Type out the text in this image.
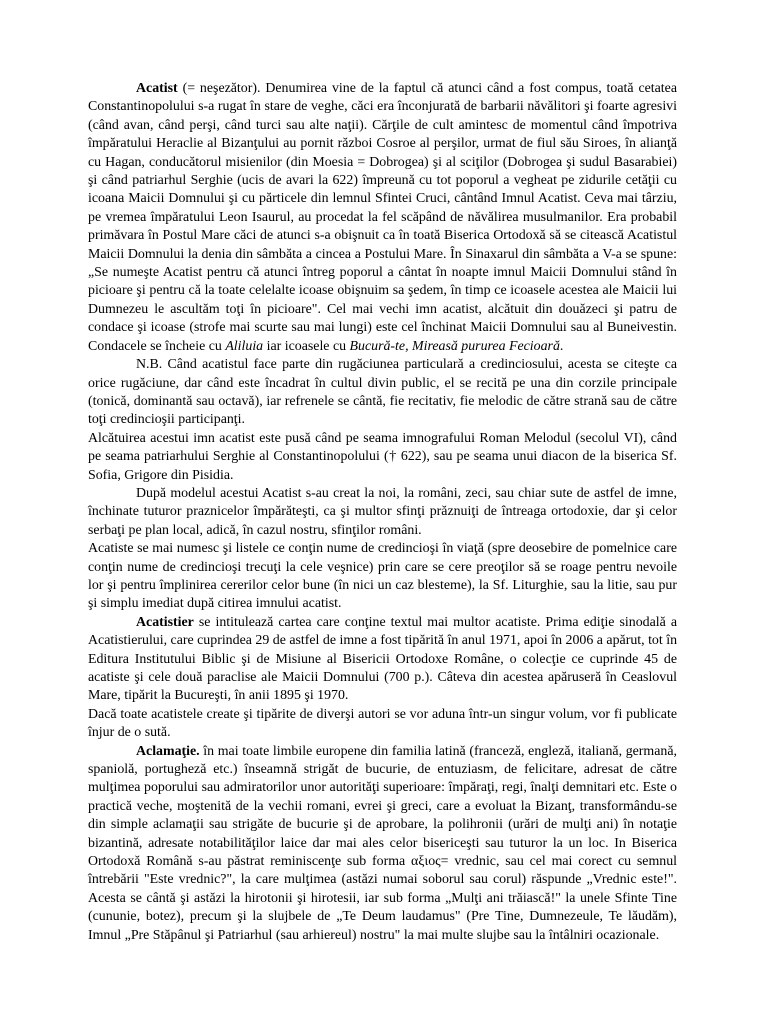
Acatist (= neşezător). Denumirea vine de la faptul că atunci când a fost compus, toată cetatea Constantinopolului s-a rugat în stare de veghe, căci era înconjurată de barbarii năvălitori şi foarte agresivi (când avan, când perşi, când turci sau alte naţii). Cărţile de cult amintesc de momentul când împotriva împăratului Heraclie al Bizanţului au pornit război Cosroe al perşilor, urmat de fiul său Siroes, în alianţă cu Hagan, conducătorul misienilor (din Moesia = Dobrogea) şi al sciţilor (Dobrogea şi sudul Basarabiei) şi când patriarhul Serghie (ucis de avari la 622) împreună cu tot poporul a vegheat pe zidurile cetăţii cu icoana Maicii Domnului şi cu părticele din lemnul Sfintei Cruci, cântând Imnul Acatist. Ceva mai târziu, pe vremea împăratului Leon Isaurul, au procedat la fel scăpând de năvălirea musulmanilor. Era probabil primăvara în Postul Mare căci de atunci s-a obişnuit ca în toată Biserica Ortodoxă să se citească Acatistul Maicii Domnului la denia din sâmbăta a cincea a Postului Mare. În Sinaxarul din sâmbăta a V-a se spune: „Se numeşte Acatist pentru că atunci întreg poporul a cântat în noapte imnul Maicii Domnului stând în picioare şi pentru că la toate celelalte icoase obişnuim sa şedem, în timp ce icoasele acestea ale Maicii lui Dumnezeu le ascultăm toţi în picioare". Cel mai vechi imn acatist, alcătuit din douăzeci şi patru de condace şi icoase (strofe mai scurte sau mai lungi) este cel închinat Maicii Domnului sau al Buneivestin. Condacele se încheie cu Aliluia iar icoasele cu Bucură-te, Mireasă pururea Fecioară.

N.B. Când acatistul face parte din rugăciunea particulară a credinciosului, acesta se citeşte ca orice rugăciune, dar când este încadrat în cultul divin public, el se recită pe una din corzile principale (tonică, dominantă sau octavă), iar refrenele se cântă, fie recitativ, fie melodic de către strană sau de către toţi credincioşii participanţi.

Alcătuirea acestui imn acatist este pusă când pe seama imnografului Roman Melodul (secolul VI), când pe seama patriarhului Serghie al Constantinopolului († 622), sau pe seama unui diacon de la biserica Sf. Sofia, Grigore din Pisidia.

După modelul acestui Acatist s-au creat la noi, la români, zeci, sau chiar sute de astfel de imne, închinate tuturor praznicelor împărăteşti, ca şi multor sfinţi prăznuiţi de întreaga ortodoxie, dar şi celor serbaţi pe plan local, adică, în cazul nostru, sfinţilor români.

Acatiste se mai numesc şi listele ce conţin nume de credincioşi în viaţă (spre deosebire de pomelnice care conţin nume de credincioşi trecuţi la cele veşnice) prin care se cere preoţilor să se roage pentru nevoile lor şi pentru împlinirea cererilor celor bune (în nici un caz blesteme), la Sf. Liturghie, sau la litie, sau pur şi simplu imediat după citirea imnului acatist.

Acatistier se intitulează cartea care conţine textul mai multor acatiste. Prima ediţie sinodală a Acatistierului, care cuprindea 29 de astfel de imne a fost tipărită în anul 1971, apoi în 2006 a apărut, tot în Editura Institutului Biblic şi de Misiune al Bisericii Ortodoxe Române, o colecţie ce cuprinde 45 de acatiste şi cele două paraclise ale Maicii Domnului (700 p.). Câteva din acestea apăruseră în Ceaslovul Mare, tipărit la Bucureşti, în anii 1895 şi 1970.

Dacă toate acatistele create şi tipărite de diverşi autori se vor aduna într-un singur volum, vor fi publicate înjur de o sută.

Aclamaţie. în mai toate limbile europene din familia latină (franceză, engleză, italiană, germană, spaniolă, portugheză etc.) înseamnă strigăt de bucurie, de entuziasm, de felicitare, adresat de către mulţimea poporului sau admiratorilor unor autorităţi superioare: împăraţi, regi, înalţi demnitari etc. Este o practică veche, moştenită de la vechii romani, evrei şi greci, care a evoluat la Bizanţ, transformându-se din simple aclamaţii sau strigăte de bucurie şi de aprobare, la polihronii (urări de mulţi ani) în notaţie bizantină, adresate notabilităţilor laice dar mai ales celor bisericeşti sau tuturor la un loc. In Biserica Ortodoxă Română s-au păstrat reminiscenţe sub forma αξιος= vrednic, sau cel mai corect cu semnul întrebării "Este vrednic?", la care mulţimea (astăzi numai soborul sau corul) răspunde „Vrednic este!". Acesta se cântă şi astăzi la hirotonii şi hirotesii, iar sub forma „Mulţi ani trăiască!" la unele Sfinte Tine (cununie, botez), precum şi la slujbele de „Te Deum laudamus" (Pre Tine, Dumnezeule, Te lăudăm), Imnul „Pre Stăpânul şi Patriarhul (sau arhiereul) nostru" la mai multe slujbe sau la întâlniri ocazionale.
